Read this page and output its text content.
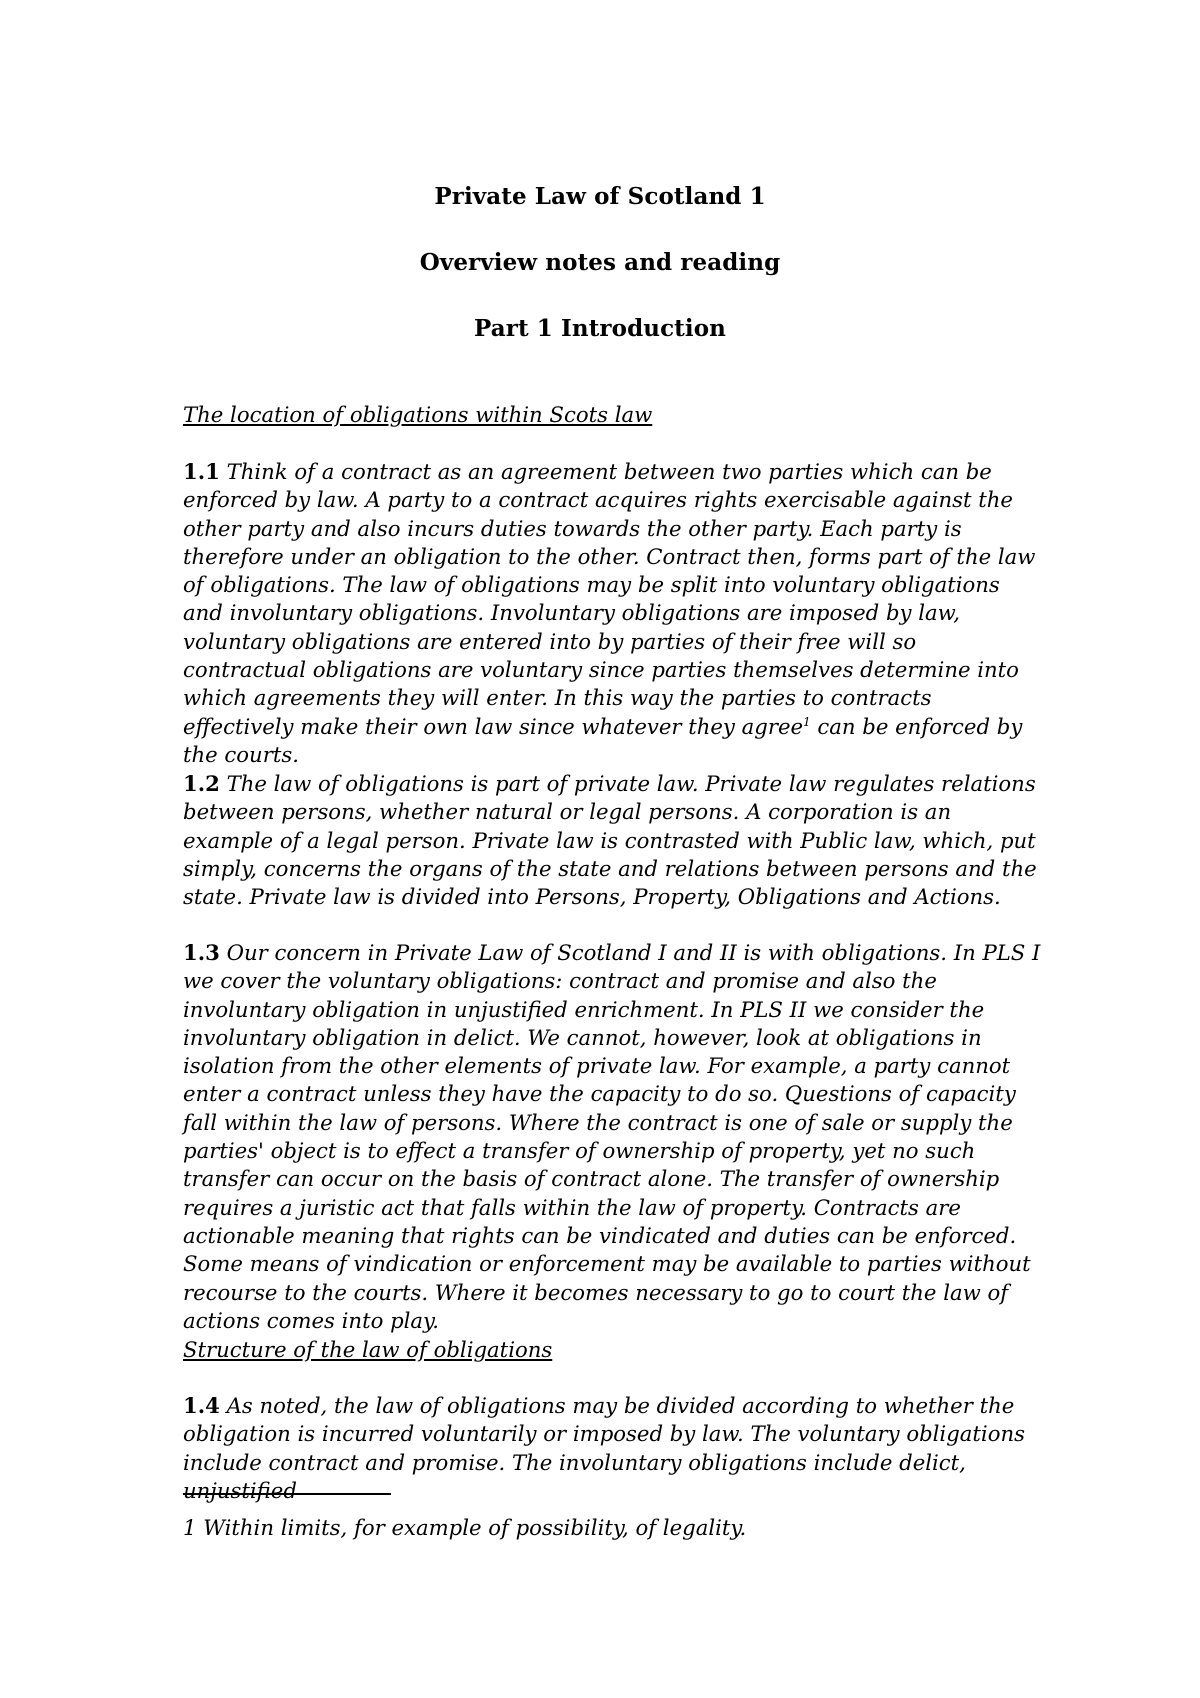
Private Law of Scotland 1
Overview notes and reading
Part 1 Introduction
The location of obligations within Scots law
1.1 Think of a contract as an agreement between two parties which can be enforced by law. A party to a contract acquires rights exercisable against the other party and also incurs duties towards the other party. Each party is therefore under an obligation to the other. Contract then, forms part of the law of obligations. The law of obligations may be split into voluntary obligations and involuntary obligations. Involuntary obligations are imposed by law, voluntary obligations are entered into by parties of their free will so contractual obligations are voluntary since parties themselves determine into which agreements they will enter. In this way the parties to contracts effectively make their own law since whatever they agree$^1$ can be enforced by the courts.
1.2 The law of obligations is part of private law. Private law regulates relations between persons, whether natural or legal persons. A corporation is an example of a legal person. Private law is contrasted with Public law, which, put simply, concerns the organs of the state and relations between persons and the state. Private law is divided into Persons, Property, Obligations and Actions.
1.3 Our concern in Private Law of Scotland I and II is with obligations. In PLS I we cover the voluntary obligations: contract and promise and also the involuntary obligation in unjustified enrichment. In PLS II we consider the involuntary obligation in delict. We cannot, however, look at obligations in isolation from the other elements of private law. For example, a party cannot enter a contract unless they have the capacity to do so. Questions of capacity fall within the law of persons. Where the contract is one of sale or supply the parties' object is to effect a transfer of ownership of property, yet no such transfer can occur on the basis of contract alone. The transfer of ownership requires a juristic act that falls within the law of property. Contracts are actionable meaning that rights can be vindicated and duties can be enforced. Some means of vindication or enforcement may be available to parties without recourse to the courts. Where it becomes necessary to go to court the law of actions comes into play.
Structure of the law of obligations
1.4 As noted, the law of obligations may be divided according to whether the obligation is incurred voluntarily or imposed by law. The voluntary obligations include contract and promise. The involuntary obligations include delict, unjustified
1 Within limits, for example of possibility, of legality.
